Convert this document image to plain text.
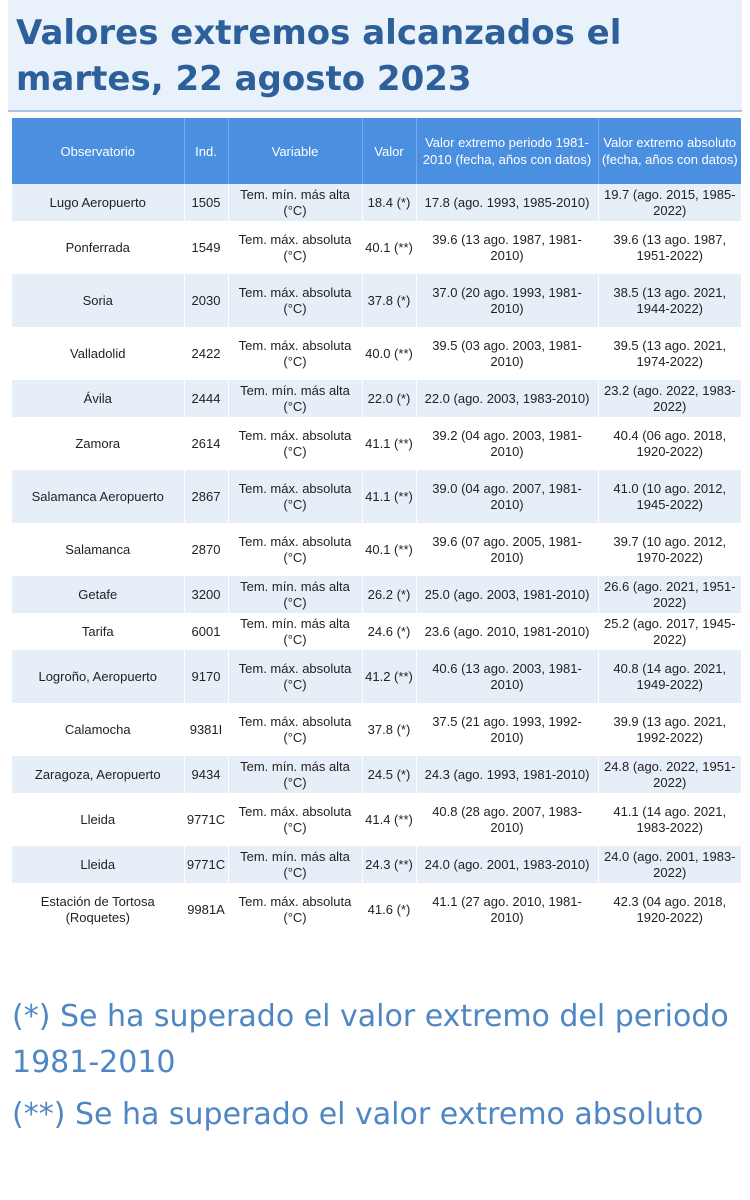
Valores extremos alcanzados el martes, 22 agosto 2023
Observatorio	Ind.	Variable	Valor	Valor extremo periodo 1981-2010 (fecha, años con datos)	Valor extremo absoluto (fecha, años con datos)
Lugo Aeropuerto	1505	Tem. mín. más alta (°C)	18.4 (*)	17.8 (ago. 1993, 1985-2010)	19.7 (ago. 2015, 1985-2022)
Ponferrada	1549	Tem. máx. absoluta (°C)	40.1 (**)	39.6 (13 ago. 1987, 1981-2010)	39.6 (13 ago. 1987, 1951-2022)
Soria	2030	Tem. máx. absoluta (°C)	37.8 (*)	37.0 (20 ago. 1993, 1981-2010)	38.5 (13 ago. 2021, 1944-2022)
Valladolid	2422	Tem. máx. absoluta (°C)	40.0 (**)	39.5 (03 ago. 2003, 1981-2010)	39.5 (13 ago. 2021, 1974-2022)
Ávila	2444	Tem. mín. más alta (°C)	22.0 (*)	22.0 (ago. 2003, 1983-2010)	23.2 (ago. 2022, 1983-2022)
Zamora	2614	Tem. máx. absoluta (°C)	41.1 (**)	39.2 (04 ago. 2003, 1981-2010)	40.4 (06 ago. 2018, 1920-2022)
Salamanca Aeropuerto	2867	Tem. máx. absoluta (°C)	41.1 (**)	39.0 (04 ago. 2007, 1981-2010)	41.0 (10 ago. 2012, 1945-2022)
Salamanca	2870	Tem. máx. absoluta (°C)	40.1 (**)	39.6 (07 ago. 2005, 1981-2010)	39.7 (10 ago. 2012, 1970-2022)
Getafe	3200	Tem. mín. más alta (°C)	26.2 (*)	25.0 (ago. 2003, 1981-2010)	26.6 (ago. 2021, 1951-2022)
Tarifa	6001	Tem. mín. más alta (°C)	24.6 (*)	23.6 (ago. 2010, 1981-2010)	25.2 (ago. 2017, 1945-2022)
Logroño, Aeropuerto	9170	Tem. máx. absoluta (°C)	41.2 (**)	40.6 (13 ago. 2003, 1981-2010)	40.8 (14 ago. 2021, 1949-2022)
Calamocha	9381I	Tem. máx. absoluta (°C)	37.8 (*)	37.5 (21 ago. 1993, 1992-2010)	39.9 (13 ago. 2021, 1992-2022)
Zaragoza, Aeropuerto	9434	Tem. mín. más alta (°C)	24.5 (*)	24.3 (ago. 1993, 1981-2010)	24.8 (ago. 2022, 1951-2022)
Lleida	9771C	Tem. máx. absoluta (°C)	41.4 (**)	40.8 (28 ago. 2007, 1983-2010)	41.1 (14 ago. 2021, 1983-2022)
Lleida	9771C	Tem. mín. más alta (°C)	24.3 (**)	24.0 (ago. 2001, 1983-2010)	24.0 (ago. 2001, 1983-2022)
Estación de Tortosa (Roquetes)	9981A	Tem. máx. absoluta (°C)	41.6 (*)	41.1 (27 ago. 2010, 1981-2010)	42.3 (04 ago. 2018, 1920-2022)

(*) Se ha superado el valor extremo del periodo 1981-2010

(**) Se ha superado el valor extremo absoluto
